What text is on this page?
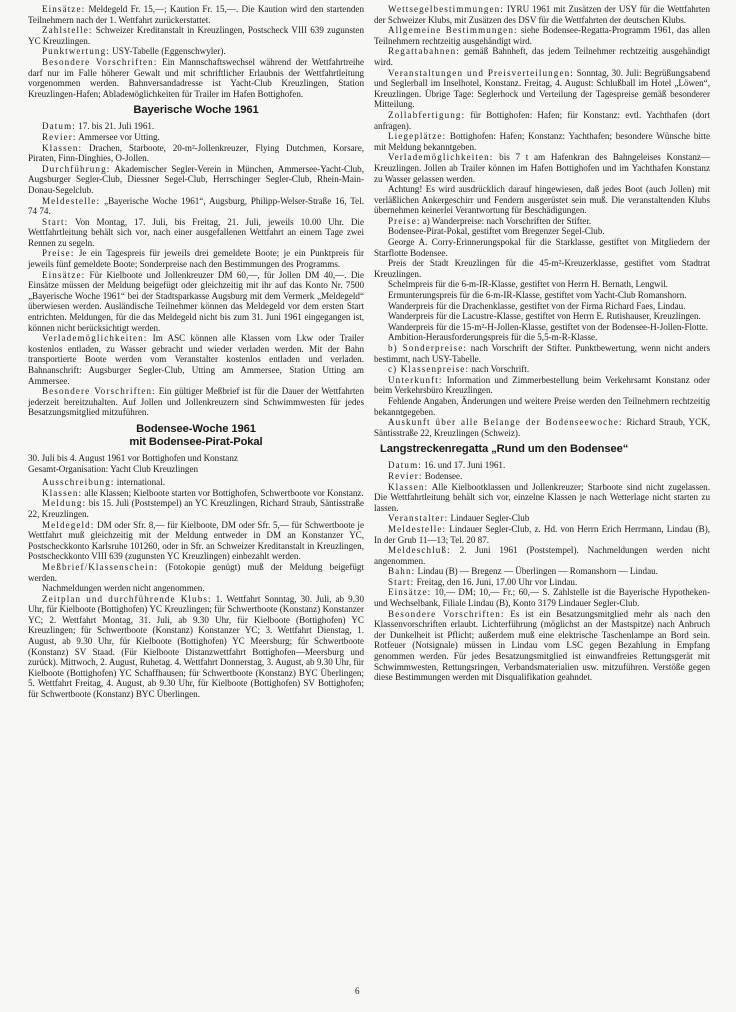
Einsätze: Meldegeld Fr. 15,—; Kaution Fr. 15,—. Die Kaution wird den startenden Teilnehmern nach der 1. Wettfahrt zurückerstattet.

Zahlstelle: Schweizer Kreditanstalt in Kreuzlingen, Postscheck VIII 639 zugunsten YC Kreuzlingen.

Punktwertung: USY-Tabelle (Eggenschwyler).

Besondere Vorschriften: Ein Mannschaftswechsel während der Wettfahrtreihe darf nur im Falle höherer Gewalt und mit schriftlicher Erlaubnis der Wettfahrtleitung vorgenommen werden. Bahnversandadresse ist Yacht-Club Kreuzlingen, Station Kreuzlingen-Hafen; Abladeмöglichkeiten für Trailer im Hafen Bottighofen.

Bayerische Woche 1961

Datum: 17. bis 21. Juli 1961.

Revier: Ammersee vor Utting.

Klassen: Drachen, Starboote, 20-m²-Jollenkreuzer, Flying Dutchmen, Korsare, Piraten, Finn-Dinghies, O-Jollen.

Durchführung: Akademischer Segler-Verein in München, Ammersee-Yacht-Club, Augsburger Segler-Club, Diessner Segel-Club, Herrschinger Segler-Club, Rhein-Main-Donau-Segelclub.

Meldestelle: „Bayerische Woche 1961“, Augsburg, Philipp-Welser-Straße 16, Tel. 74 74.

Start: Von Montag, 17. Juli, bis Freitag, 21. Juli, jeweils 10.00 Uhr. Die Wettfahrtleitung behält sich vor, nach einer ausgefallenen Wettfahrt an einem Tage zwei Rennen zu segeln.

Preise: Je ein Tagespreis für jeweils drei gemeldete Boote; je ein Punktpreis für jeweils fünf gemeldete Boote; Sonderpreise nach den Bestimmungen des Programms.

Einsätze: Für Kielboote und Jollenkreuzer DM 60,—, für Jollen DM 40,—. Die Einsätze müssen der Meldung beigefügt oder gleichzeitig mit ihr auf das Konto Nr. 7500 „Bayerische Woche 1961“ bei der Stadtsparkasse Augsburg mit dem Vermerk „Meldegeld“ überwiesen werden. Ausländische Teilnehmer können das Meldegeld vor dem ersten Start entrichten. Meldungen, für die das Meldegeld nicht bis zum 31. Juni 1961 eingegangen ist, können nicht berücksichtigt werden.

Verlademöglichkeiten: Im ASC können alle Klassen vom Lkw oder Trailer kostenlos entladen, zu Wasser gebracht und wieder verladen werden. Mit der Bahn transportierte Boote werden vom Veranstalter kostenlos entladen und verladen. Bahnanschrift: Augsburger Segler-Club, Utting am Ammersee, Station Utting am Ammersee.

Besondere Vorschriften: Ein gültiger Meßbrief ist für die Dauer der Wettfahrten jederzeit bereitzuhalten. Auf Jollen und Jollenkreuzern sind Schwimmwesten für jedes Besatzungsmitglied mitzuführen.

Bodensee-Woche 1961
mit Bodensee-Pirat-Pokal

30. Juli bis 4. August 1961 vor Bottighofen und Konstanz

Gesamt-Organisation: Yacht Club Kreuzlingen

Ausschreibung: international.

Klassen: alle Klassen; Kielboote starten vor Bottighofen, Schwertboote vor Konstanz.

Meldung: bis 15. Juli (Poststempel) an YC Kreuzlingen, Richard Straub, Säntisstraße 22, Kreuzlingen.

Meldegeld: DM oder Sfr. 8,— für Kielboote, DM oder Sfr. 5,— für Schwertboote je Wettfahrt muß gleichzeitig mit der Meldung entweder in DM an Konstanzer YC, Postscheckkonto Karlsruhe 101260, oder in Sfr. an Schweizer Kreditanstalt in Kreuzlingen, Postscheckkonto VIII 639 (zugunsten YC Kreuzlingen) einbezahlt werden.

Meßbrief/Klassenschein: (Fotokopie genügt) muß der Meldung beigefügt werden.

Nachmeldungen werden nicht angenommen.

Zeitplan und durchführende Klubs: 1. Wettfahrt Sonntag, 30. Juli, ab 9.30 Uhr, für Kielboote (Bottighofen) YC Kreuzlingen; für Schwertboote (Konstanz) Konstanzer YC; 2. Wettfahrt Montag, 31. Juli, ab 9.30 Uhr, für Kielboote (Bottighofen) YC Kreuzlingen; für Schwertboote (Konstanz) Konstanzer YC; 3. Wettfahrt Dienstag, 1. August, ab 9.30 Uhr, für Kielboote (Bottighofen) YC Meersburg; für Schwertboote (Konstanz) SV Staad. (Für Kielboote Distanzwettfahrt Bottighofen—Meersburg und zurück). Mittwoch, 2. August, Ruhetag. 4. Wettfahrt Donnerstag, 3. August, ab 9.30 Uhr, für Kielboote (Bottighofen) YC Schaffhausen; für Schwertboote (Konstanz) BYC Überlingen; 5. Wettfahrt Freitag, 4. August, ab 9.30 Uhr, für Kielboote (Bottighofen) SV Bottighofen; für Schwertboote (Konstanz) BYC Überlingen.

Wettsegelbestimmungen: IYRU 1961 mit Zusätzen der USY für die Wettfahrten der Schweizer Klubs, mit Zusätzen des DSV für die Wettfahrten der deutschen Klubs.

Allgemeine Bestimmungen: siehe Bodensee-Regatta-Programm 1961, das allen Teilnehmern rechtzeitig ausgehändigt wird.

Regattabahnen: gemäß Bahnheft, das jedem Teilnehmer rechtzeitig ausgehändigt wird.

Veranstaltungen und Preisverteilungen: Sonntag, 30. Juli: Begrüßungsabend und Seglerball im Inselhotel, Konstanz. Freitag, 4. August: Schlußball im Hotel „Löwen“, Kreuzlingen. Übrige Tage: Seglerhock und Verteilung der Tagespreise gemäß besonderer Mitteilung.

Zollabfertigung: für Bottighofen: Hafen; für Konstanz: evtl. Yachthafen (dort anfragen).

Liegeplätze: Bottighofen: Hafen; Konstanz: Yachthafen; besondere Wünsche bitte mit Meldung bekanntgeben.

Verlademöglichkeiten: bis 7 t am Hafenkran des Bahngeleises Konstanz—Kreuzlingen. Jollen ab Trailer können im Hafen Bottighofen und im Yachthafen Konstanz zu Wasser gelassen werden.

Achtung! Es wird ausdrücklich darauf hingewiesen, daß jedes Boot (auch Jollen) mit verläßlichen Ankergeschirr und Fendern ausgerüstet sein muß. Die veranstaltenden Klubs übernehmen keinerlei Verantwortung für Beschädigungen.

Preise: a) Wanderpreise: nach Vorschriften der Stifter.

Bodensee-Pirat-Pokal, gestiftet vom Bregenzer Segel-Club.

George A. Corry-Erinnerungspokal für die Starklasse, gestiftet von Mitgliedern der Starflotte Bodensee.

Preis der Stadt Kreuzlingen für die 45-m²-Kreuzerklasse, gestiftet vom Stadtrat Kreuzlingen.

Schelmpreis für die 6-m-IR-Klasse, gestiftet von Herrn H. Bernath, Lengwil.

Ermunterungspreis für die 6-m-IR-Klasse, gestiftet vom Yacht-Club Romanshorn.

Wanderpreis für die Drachenklasse, gestiftet von der Firma Richard Faes, Lindau.

Wanderpreis für die Lacustre-Klasse, gestiftet von Herrn E. Rutishauser, Kreuzlingen.

Wanderpreis für die 15-m²-H-Jollen-Klasse, gestiftet von der Bodensee-H-Jollen-Flotte.

Ambition-Herausforderungspreis für die 5,5-m-R-Klasse.

b) Sonderpreise: nach Vorschrift der Stifter. Punktbewertung, wenn nicht anders bestimmt, nach USY-Tabelle.

c) Klassenpreise: nach Vorschrift.

Unterkunft: Information und Zimmerbestellung beim Verkehrsamt Konstanz oder beim Verkehrsbüro Kreuzlingen.

Fehlende Angaben, Änderungen und weitere Preise werden den Teilnehmern rechtzeitig bekanntgegeben.

Auskunft über alle Belange der Bodenseewoche: Richard Straub, YCK, Säntisstraße 22, Kreuzlingen (Schweiz).

Langstreckenregatta „Rund um den Bodensee“

Datum: 16. und 17. Juni 1961.

Revier: Bodensee.

Klassen: Alle Kielbootklassen und Jollenkreuzer; Starboote sind nicht zugelassen. Die Wettfahrtleitung behält sich vor, einzelne Klassen je nach Wetterlage nicht starten zu lassen.

Veranstalter: Lindauer Segler-Club

Meldestelle: Lindauer Segler-Club, z. Hd. von Herrn Erich Herrmann, Lindau (B), In der Grub 11—13; Tel. 20 87.

Meldeschluß: 2. Juni 1961 (Poststempel). Nachmeldungen werden nicht angenommen.

Bahn: Lindau (B) — Bregenz — Überlingen — Romanshorn — Lindau.

Start: Freitag, den 16. Juni, 17.00 Uhr vor Lindau.

Einsätze: 10,— DM; 10,— Fr.; 60,— S. Zahlstelle ist die Bayerische Hypotheken- und Wechselbank, Filiale Lindau (B), Konto 3179 Lindauer Segler-Club.

Besondere Vorschriften: Es ist ein Besatzungsmitglied mehr als nach den Klassenvorschriften erlaubt. Lichterführung (möglichst an der Mastspitze) nach Anbruch der Dunkelheit ist Pflicht; außerdem muß eine elektrische Taschenlampe an Bord sein. Rotfeuer (Notsignale) müssen in Lindau vom LSC gegen Bezahlung in Empfang genommen werden. Für jedes Besatzungsmitglied ist einwandfreies Rettungsgerät mit Schwimmwesten, Rettungsringen, Verbandsmaterialien usw. mitzuführen. Verstöße gegen diese Bestimmungen werden mit Disqualifikation geahndet.

6
